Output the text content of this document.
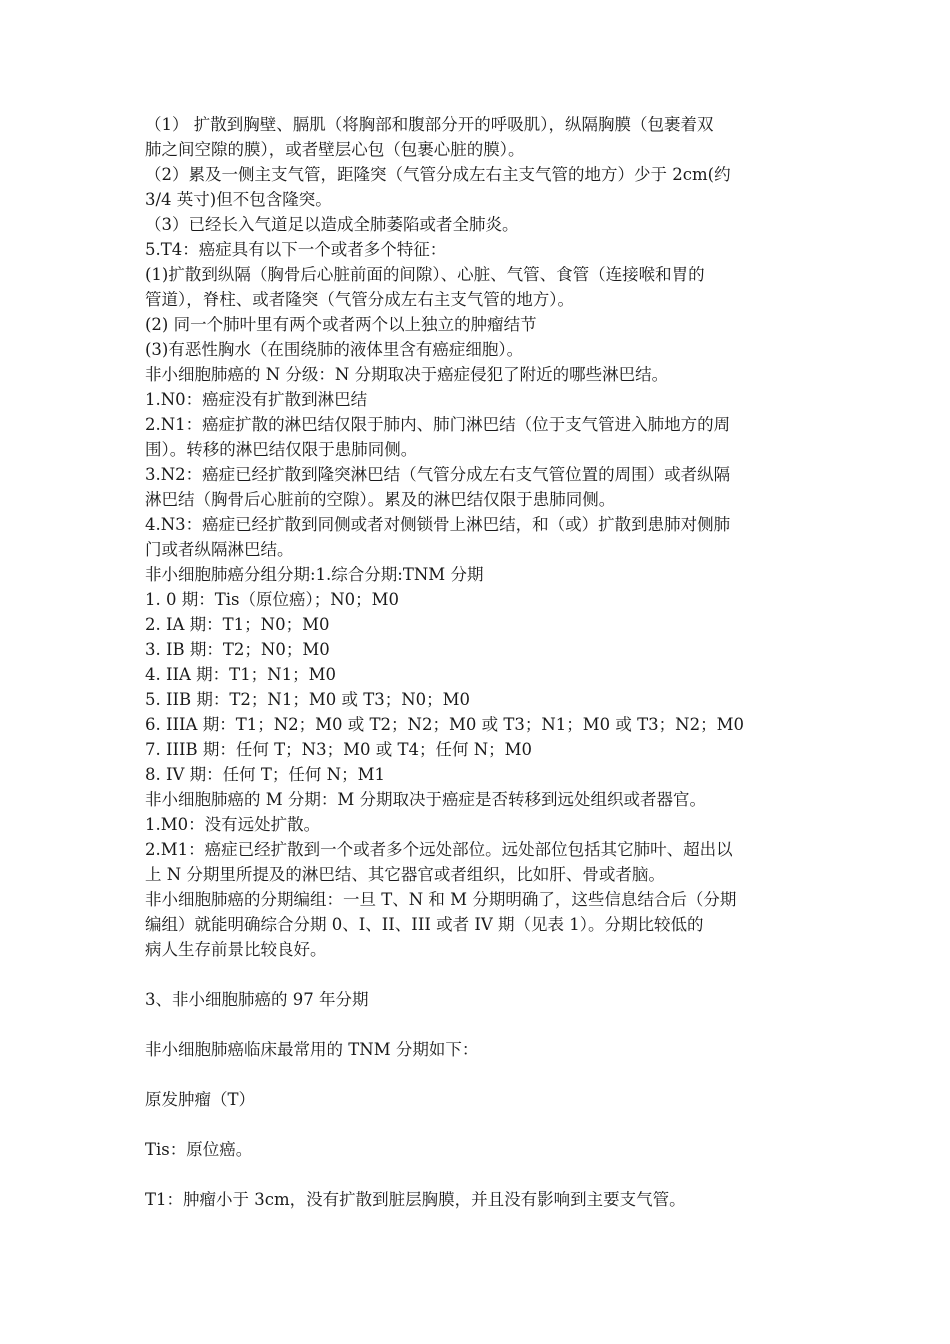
（1） 扩散到胸壁、膈肌（将胸部和腹部分开的呼吸肌），纵隔胸膜（包裹着双
肺之间空隙的膜），或者壁层心包（包裹心脏的膜）。
（2）累及一侧主支气管，距隆突（气管分成左右主支气管的地方）少于 2cm(约
3/4 英寸)但不包含隆突。
（3）已经长入气道足以造成全肺萎陷或者全肺炎。
5.T4：癌症具有以下一个或者多个特征：
(1)扩散到纵隔（胸骨后心脏前面的间隙）、心脏、气管、食管（连接喉和胃的
管道），脊柱、或者隆突（气管分成左右主支气管的地方）。
(2) 同一个肺叶里有两个或者两个以上独立的肿瘤结节
(3)有恶性胸水（在围绕肺的液体里含有癌症细胞）。
非小细胞肺癌的 N 分级：N 分期取决于癌症侵犯了附近的哪些淋巴结。
1.N0：癌症没有扩散到淋巴结
2.N1：癌症扩散的淋巴结仅限于肺内、肺门淋巴结（位于支气管进入肺地方的周
围）。转移的淋巴结仅限于患肺同侧。
3.N2：癌症已经扩散到隆突淋巴结（气管分成左右支气管位置的周围）或者纵隔
淋巴结（胸骨后心脏前的空隙）。累及的淋巴结仅限于患肺同侧。
4.N3：癌症已经扩散到同侧或者对侧锁骨上淋巴结，和（或）扩散到患肺对侧肺
门或者纵隔淋巴结。
非小细胞肺癌分组分期:1.综合分期:TNM 分期
1. 0 期：Tis（原位癌）；N0；M0
2. IA 期：T1；N0；M0
3. IB 期：T2；N0；M0
4. IIA 期：T1；N1；M0
5. IIB 期：T2；N1；M0 或 T3；N0；M0
6. IIIA 期：T1；N2；M0 或 T2；N2；M0 或 T3；N1；M0 或 T3；N2；M0
7. IIIB 期：任何 T；N3；M0 或 T4；任何 N；M0
8. IV 期：任何 T；任何 N；M1
非小细胞肺癌的 M 分期：M 分期取决于癌症是否转移到远处组织或者器官。
1.M0：没有远处扩散。
2.M1：癌症已经扩散到一个或者多个远处部位。远处部位包括其它肺叶、超出以
上 N 分期里所提及的淋巴结、其它器官或者组织，比如肝、骨或者脑。
非小细胞肺癌的分期编组：一旦 T、N 和 M 分期明确了，这些信息结合后（分期
编组）就能明确综合分期 0、I、II、III 或者 IV 期（见表 1）。分期比较低的
病人生存前景比较良好。
3、非小细胞肺癌的 97 年分期
非小细胞肺癌临床最常用的 TNM 分期如下：
原发肿瘤（T）
Tis：原位癌。
T1：肿瘤小于 3cm，没有扩散到脏层胸膜，并且没有影响到主要支气管。
